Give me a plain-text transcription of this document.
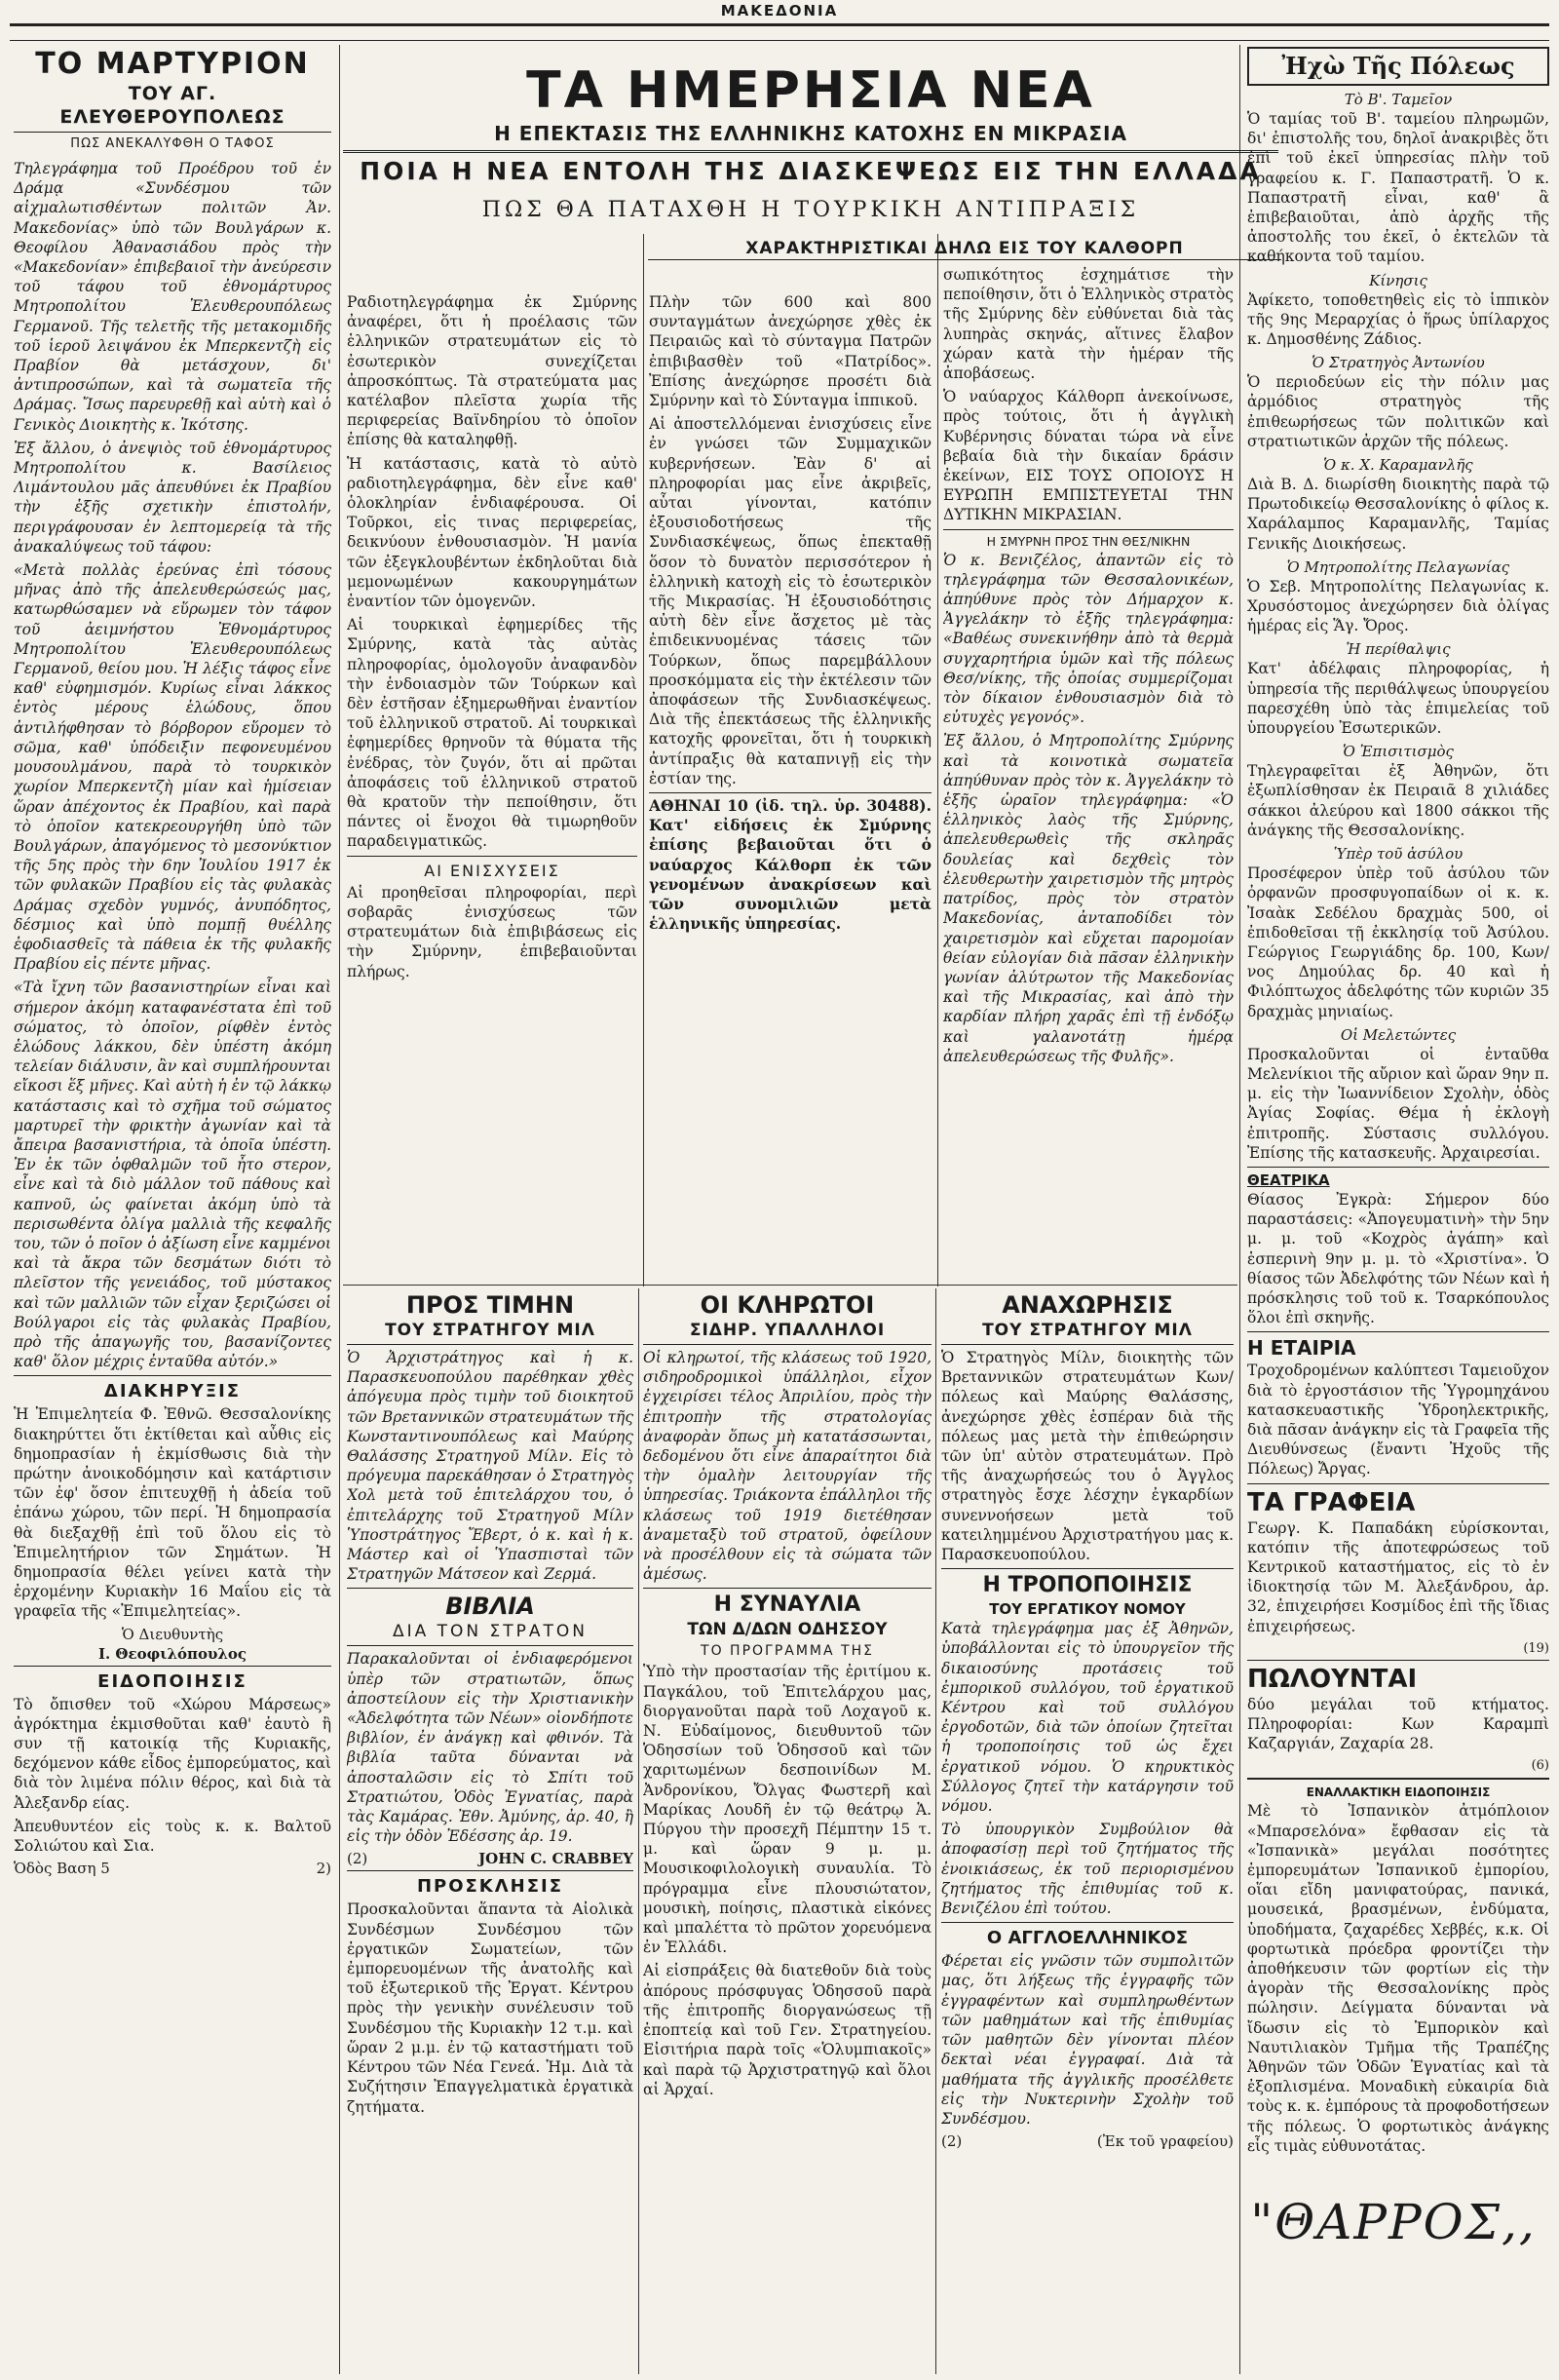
ΜΑΚΕΔΟΝΙΑ
ΤΟ ΜΑΡΤΥΡΙΟΝ
ΤΟΥ ΑΓ. ΕΛΕΥΘΕΡΟΥΠΟΛΕΩΣ
ΠΩΣ ΑΝΕΚΑΛΥΦΘΗ Ο ΤΑΦΟΣ

Τηλεγράφημα τοῦ Προέδρου τοῦ ἐν Δράμᾳ «Συνδέσμου τῶν αἰχμαλωτισθέντων πολιτῶν Ἀν. Μακεδονίας» ὑπὸ τῶν Βουλγάρων κ. Θεοφίλου Ἀθανασιάδου πρὸς τὴν «Μακεδονίαν» ἐπιβεβαιοῖ τὴν ἀνεύρεσιν τοῦ τάφου τοῦ ἐθνομάρτυρος Μητροπολίτου Ἐλευθερουπόλεως Γερμανοῦ. Τῆς τελετῆς τῆς μετακομιδῆς τοῦ ἱεροῦ λειψάνου ἐκ Μπερκεντζὴ εἰς Πραβίον θὰ μετάσχουν, δι' ἀντιπροσώπων, καὶ τὰ σωματεῖα τῆς Δράμας. Ἴσως παρευρεθῇ καὶ αὐτὴ καὶ ὁ Γενικὸς Διοικητὴς κ. Ἰκότσης.

Ἐξ ἄλλου, ὁ ἀνεψιὸς τοῦ ἐθνομάρτυρος Μητροπολίτου κ. Βασίλειος Λιμάντουλου μᾶς ἀπευθύνει ἐκ Πραβίου τὴν ἑξῆς σχετικὴν ἐπιστολήν, περιγράφουσαν ἐν λεπτομερείᾳ τὰ τῆς ἀνακαλύψεως τοῦ τάφου:

«Μετὰ πολλὰς ἐρεύνας ἐπὶ τόσους μῆνας ἀπὸ τῆς ἀπελευθερώσεώς μας, κατωρθώσαμεν νὰ εὕρωμεν τὸν τάφον τοῦ ἀειμνήστου Ἐθνομάρτυρος Μητροπολίτου Ἐλευθερουπόλεως Γερμανοῦ, θείου μου. Ἡ λέξις τάφος εἶνε καθ' εὐφημισμόν. Κυρίως εἶναι λάκκος ἐντὸς μέρους ἑλώδους, ὅπου ἀντιλήφθησαν τὸ βόρβορον εὕρομεν τὸ σῶμα, καθ' ὑπόδειξιν πεφονευμένου μουσουλμάνου, παρὰ τὸ τουρκικὸν χωρίον Μπερκεντζὴ μίαν καὶ ἡμίσειαν ὥραν ἀπέχοντος ἐκ Πραβίου, καὶ παρὰ τὸ ὁποῖον κατεκρεουργήθη ὑπὸ τῶν Βουλγάρων, ἀπαγόμενος τὸ μεσονύκτιον τῆς 5ης πρὸς τὴν 6ην Ἰουλίου 1917 ἐκ τῶν φυλακῶν Πραβίου εἰς τὰς φυλακὰς Δράμας σχεδὸν γυμνός, ἀνυπόδητος, δέσμιος καὶ ὑπὸ πομπῇ θυέλλης ἐφοδιασθεῖς τὰ πάθεια ἐκ τῆς φυλακῆς Πραβίου εἰς πέντε μῆνας.

«Τὰ ἴχνη τῶν βασανιστηρίων εἶναι καὶ σήμερον ἀκόμη καταφανέστατα ἐπὶ τοῦ σώματος, τὸ ὁποῖον, ρίφθὲν ἐντὸς ἑλώδους λάκκου, δὲν ὑπέστη ἀκόμη τελείαν διάλυσιν, ἂν καὶ συμπλήρουνται εἴκοσι ἕξ μῆνες. Καὶ αὐτὴ ἡ ἐν τῷ λάκκῳ κατάστασις καὶ τὸ σχῆμα τοῦ σώματος μαρτυρεῖ τὴν φρικτὴν ἀγωνίαν καὶ τὰ ἄπειρα βασανιστήρια, τὰ ὁποῖα ὑπέστη. Ἐν ἐκ τῶν ὀφθαλμῶν τοῦ ἦτο στερον, εἶνε καὶ τὰ διὸ μάλλον τοῦ πάθους καὶ καπνοῦ, ὡς φαίνεται ἀκόμη ὑπὸ τὰ περισωθέντα ὀλίγα μαλλιὰ τῆς κεφαλῆς του, τῶν ὁ ποῖον ὁ ἀξίωση εἶνε καμμένοι καὶ τὰ ἄκρα τῶν δεσμάτων διότι τὸ πλεῖστον τῆς γενειάδος, τοῦ μύστακος καὶ τῶν μαλλιῶν τῶν εἶχαν ξεριζώσει οἱ Βούλγαροι εἰς τὰς φυλακὰς Πραβίου, πρὸ τῆς ἀπαγωγῆς του, βασανίζοντες καθ' ὅλον μέχρις ἐνταῦθα αὐτόν.»

ΔΙΑΚΗΡΥΞΙΣ

Ἡ Ἐπιμελητεία Φ. Ἐθνῶ. Θεσσαλονίκης διακηρύττει ὅτι ἐκτίθεται καὶ αὖθις εἰς δημοπρασίαν ἡ ἐκμίσθωσις διὰ τὴν πρώτην ἀνοικοδόμησιν καὶ κατάρτισιν τῶν ἐφ' ὅσον ἐπιτευχθῇ ἡ ἀδεία τοῦ ἐπάνω χώρου, τῶν περί. Ἡ δημοπρασία θὰ διεξαχθῇ ἐπὶ τοῦ ὅλου εἰς τὸ Ἐπιμελητήριον τῶν Σημάτων. Ἡ δημοπρασία θέλει γείνει κατὰ τὴν ἐρχομένην Κυριακὴν 16 Μαΐου εἰς τὰ γραφεῖα τῆς «Ἐπιμελητείας».

Ὁ Διευθυντὴς
Ι. Θεοφιλόπουλος
ΕΙΔΟΠΟΙΗΣΙΣ

Τὸ ὄπισθεν τοῦ «Χώρου Μάρσεως» ἀγρόκτημα ἐκμισθοῦται καθ' ἑαυτὸ ἢ συν τῇ κατοικίᾳ τῆς Κυριακῆς, δεχόμενον κάθε εἶδος ἐμπορεύματος, καὶ διὰ τὸν λιμένα πόλιν θέρος, καὶ διὰ τὰ Ἀλεξανδρ είας.

Ἀπευθυντέον εἰς τοὺς κ. κ. Βαλτοῦ Σολιώτου καὶ Σια.

Ὁδὸς Βαση 5	2)
ΤΑ ΗΜΕΡΗΣΙΑ ΝΕΑ
Η ΕΠΕΚΤΑΣΙΣ ΤΗΣ ΕΛΛΗΝΙΚΗΣ ΚΑΤΟΧΗΣ ΕΝ ΜΙΚΡΑΣΙΑ
ΠΟΙΑ Η ΝΕΑ ΕΝΤΟΛΗ ΤΗΣ ΔΙΑΣΚΕΨΕΩΣ ΕΙΣ ΤΗΝ ΕΛΛΑΔΑ
ΠΩΣ ΘΑ ΠΑΤΑΧΘΗ Η ΤΟΥΡΚΙΚΗ ΑΝΤΙΠΡΑΞΙΣ
ΧΑΡΑΚΤΗΡΙΣΤΙΚΑΙ ΔΗΛΩ ΕΙΣ ΤΟΥ ΚΑΛΘΟΡΠ

Ραδιοτηλεγράφημα ἐκ Σμύρνης ἀναφέρει, ὅτι ἡ προέλασις τῶν ἑλληνικῶν στρατευμάτων εἰς τὸ ἐσωτερικὸν συνεχίζεται ἀπροσκόπτως. Τὰ στρατεύματα μας κατέλαβον πλεῖστα χωρία τῆς περιφερείας Βαϊνδηρίου τὸ ὁποῖον ἐπίσης θὰ καταληφθῇ.

Ἡ κατάστασις, κατὰ τὸ αὐτὸ ραδιοτηλεγράφημα, δὲν εἶνε καθ' ὁλοκληρίαν ἐνδιαφέρουσα. Οἱ Τοῦρκοι, εἰς τινας περιφερείας, δεικνύουν ἐνθουσιασμὸν. Ἡ μανία τῶν ἐξεγκλουβέντων ἐκδηλοῦται διὰ μεμονωμένων κακουργημάτων ἐναντίον τῶν ὁμογενῶν.

Αἱ τουρκικαὶ ἐφημερίδες τῆς Σμύρνης, κατὰ τὰς αὐτὰς πληροφορίας, ὁμολογοῦν ἀναφανδὸν τὴν ἐνδοιασμὸν τῶν Τούρκων καὶ δὲν ἐστῆσαν ἐξημερωθῆναι ἐναντίον τοῦ ἑλληνικοῦ στρατοῦ. Αἱ τουρκικαὶ ἐφημερίδες θρηνοῦν τὰ θύματα τῆς ἐνέδρας, τὸν ζυγόν, ὅτι αἱ πρῶται ἀποφάσεις τοῦ ἑλληνικοῦ στρατοῦ θὰ κρατοῦν τὴν πεποίθησιν, ὅτι πάντες οἱ ἔνοχοι θὰ τιμωρηθοῦν παραδειγματικῶς.

ΑΙ ΕΝΙΣΧΥΣΕΙΣ

Αἱ προηθεῖσαι πληροφορίαι, περὶ σοβαρᾶς ἐνισχύσεως τῶν στρατευμάτων διὰ ἐπιβιβάσεως εἰς τὴν Σμύρνην, ἐπιβεβαιοῦνται πλήρως.

Πλὴν τῶν 600 καὶ 800 συνταγμάτων ἀνεχώρησε χθὲς ἐκ Πειραιῶς καὶ τὸ σύνταγμα Πατρῶν ἐπιβιβασθὲν τοῦ «Πατρίδος». Ἐπίσης ἀνεχώρησε προσέτι διὰ Σμύρνην καὶ τὸ Σύνταγμα ἱππικοῦ.

Αἱ ἀποστελλόμεναι ἐνισχύσεις εἶνε ἐν γνώσει τῶν Συμμαχικῶν κυβερνήσεων. Ἐὰν δ' αἱ πληροφορίαι μας εἶνε ἀκριβεῖς, αὗται γίνονται, κατόπιν ἐξουσιοδοτήσεως τῆς Συνδιασκέψεως, ὅπως ἐπεκταθῇ ὅσον τὸ δυνατὸν περισσότερον ἡ ἑλληνικὴ κατοχὴ εἰς τὸ ἐσωτερικὸν τῆς Μικρασίας. Ἡ ἐξουσιοδότησις αὐτὴ δὲν εἶνε ἄσχετος μὲ τὰς ἐπιδεικνυομένας τάσεις τῶν Τούρκων, ὅπως παρεμβάλλουν προσκόμματα εἰς τὴν ἐκτέλεσιν τῶν ἀποφάσεων τῆς Συνδιασκέψεως. Διὰ τῆς ἐπεκτάσεως τῆς ἑλληνικῆς κατοχῆς φρονεῖται, ὅτι ἡ τουρκικὴ ἀντίπραξις θὰ καταπνιγῇ εἰς τὴν ἑστίαν της.

ΑΘΗΝΑΙ 10 (ἰδ. τηλ. ὑρ. 30488). Κατ' εἰδήσεις ἐκ Σμύρνης ἐπίσης βεβαιοῦται ὅτι ὁ ναύαρχος Κάλθορπ ἐκ τῶν γενομένων ἀνακρίσεων καὶ τῶν συνομιλιῶν μετὰ ἑλληνικῆς ὑπηρεσίας.

σωπικότητος ἐσχημάτισε τὴν πεποίθησιν, ὅτι ὁ Ἑλληνικὸς στρατὸς τῆς Σμύρνης δὲν εὐθύνεται διὰ τὰς λυπηρὰς σκηνάς, αἵτινες ἔλαβον χώραν κατὰ τὴν ἡμέραν τῆς ἀποβάσεως.

Ὁ ναύαρχος Κάλθορπ ἀνεκοίνωσε, πρὸς τούτοις, ὅτι ἡ ἀγγλικὴ Κυβέρνησις δύναται τώρα νὰ εἶνε βεβαία διὰ τὴν δικαίαν δράσιν ἐκείνων, ΕΙΣ ΤΟΥΣ ΟΠΟΙΟΥΣ Η ΕΥΡΩΠΗ ΕΜΠΙΣΤΕΥΕΤΑΙ ΤΗΝ ΔΥΤΙΚΗΝ ΜΙΚΡΑΣΙΑΝ.

Η ΣΜΥΡΝΗ ΠΡΟΣ ΤΗΝ ΘΕΣ/ΝΙΚΗΝ

Ὁ κ. Βενιζέλος, ἀπαντῶν εἰς τὸ τηλεγράφημα τῶν Θεσσαλονικέων, ἀπηύθυνε πρὸς τὸν Δήμαρχον κ. Ἀγγελάκην τὸ ἑξῆς τηλεγράφημα: «Βαθέως συνεκινήθην ἀπὸ τὰ θερμὰ συγχαρητήρια ὑμῶν καὶ τῆς πόλεως Θεσ/νίκης, τῆς ὁποίας συμμερίζομαι τὸν δίκαιον ἐνθουσιασμὸν διὰ τὸ εὐτυχὲς γεγονός».

Ἐξ ἄλλου, ὁ Μητροπολίτης Σμύρνης καὶ τὰ κοινοτικὰ σωματεῖα ἀπηύθυναν πρὸς τὸν κ. Ἀγγελάκην τὸ ἑξῆς ὡραῖον τηλεγράφημα: «Ὁ ἑλληνικὸς λαὸς τῆς Σμύρνης, ἀπελευθερωθεὶς τῆς σκληρᾶς δουλείας καὶ δεχθεὶς τὸν ἐλευθερωτὴν χαιρετισμὸν τῆς μητρὸς πατρίδος, πρὸς τὸν στρατὸν Μακεδονίας, ἀνταποδίδει τὸν χαιρετισμὸν καὶ εὔχεται παρομοίαν θείαν εὐλογίαν διὰ πᾶσαν ἑλληνικὴν γωνίαν ἀλύτρωτον τῆς Μακεδονίας καὶ τῆς Μικρασίας, καὶ ἀπὸ τὴν καρδίαν πλήρη χαρᾶς ἐπὶ τῇ ἐνδόξῳ καὶ γαλανοτάτῃ ἡμέρᾳ ἀπελευθερώσεως τῆς Φυλῆς».

ΠΡΟΣ ΤΙΜΗΝ
ΤΟΥ ΣΤΡΑΤΗΓΟΥ ΜΙΛ

Ὁ Ἀρχιστράτηγος καὶ ἡ κ. Παρασκευοπούλου παρέθηκαν χθὲς ἀπόγευμα πρὸς τιμὴν τοῦ διοικητοῦ τῶν Βρεταννικῶν στρατευμάτων τῆς Κωνσταντινουπόλεως καὶ Μαύρης Θαλάσσης Στρατηγοῦ Μίλν. Εἰς τὸ πρόγευμα παρεκάθησαν ὁ Στρατηγὸς Χολ μετὰ τοῦ ἐπιτελάρχου του, ὁ ἐπιτελάρχης τοῦ Στρατηγοῦ Μίλν Ὑποστράτηγος Ἔβερτ, ὁ κ. καὶ ἡ κ. Μάστερ καὶ οἱ Ὑπασπισταὶ τῶν Στρατηγῶν Μάτσεον καὶ Ζερμά.

ΒΙΒΛΙΑ
ΔΙΑ ΤΟΝ ΣΤΡΑΤΟΝ

Παρακαλοῦνται οἱ ἐνδιαφερόμενοι ὑπὲρ τῶν στρατιωτῶν, ὅπως ἀποστείλουν εἰς τὴν Χριστιανικὴν «Ἀδελφότητα τῶν Νέων» οἰονδήποτε βιβλίον, ἐν ἀνάγκῃ καὶ φθινόν. Τὰ βιβλία ταῦτα δύνανται νὰ ἀποσταλῶσιν εἰς τὸ Σπίτι τοῦ Στρατιώτου, Ὁδὸς Ἐγνατίας, παρὰ τὰς Καμάρας. Ἐθν. Ἀμύνης, ἀρ. 40, ἢ εἰς τὴν ὁδὸν Ἐδέσσης ἀρ. 19.

(2)	JOHN C. CRABBEY
ΠΡΟΣΚΛΗΣΙΣ

Προσκαλοῦνται ἅπαντα τὰ Αἰολικὰ Συνδέσμων Συνδέσμου τῶν ἐργατικῶν Σωματείων, τῶν ἐμπορευομένων τῆς ἀνατολῆς καὶ τοῦ ἐξωτερικοῦ τῆς Ἐργατ. Κέντρου πρὸς τὴν γενικὴν συνέλευσιν τοῦ Συνδέσμου τῆς Κυριακὴν 12 τ.μ. καὶ ὥραν 2 μ.μ. ἐν τῷ καταστήματι τοῦ Κέντρου τῶν Νέα Γενεά. Ἡμ. Διὰ τὰ Συζήτησιν Ἐπαγγελματικὰ ἐργατικὰ ζητήματα.

ΟΙ ΚΛΗΡΩΤΟΙ
ΣΙΔΗΡ. ΥΠΑΛΛΗΛΟΙ

Οἱ κληρωτοί, τῆς κλάσεως τοῦ 1920, σιδηροδρομικοὶ ὑπάλληλοι, εἶχον ἐγχειρίσει τέλος Ἀπριλίου, πρὸς τὴν ἐπιτροπὴν τῆς στρατολογίας ἀναφορὰν ὅπως μὴ κατατάσσωνται, δεδομένου ὅτι εἶνε ἀπαραίτητοι διὰ τὴν ὁμαλὴν λειτουργίαν τῆς ὑπηρεσίας. Τριάκοντα ἐπάλληλοι τῆς κλάσεως τοῦ 1919 διετέθησαν ἀναμεταξὺ τοῦ στρατοῦ, ὀφείλουν νὰ προσέλθουν εἰς τὰ σώματα τῶν ἀμέσως.

Η ΣΥΝΑΥΛΙΑ
ΤΩΝ Δ/ΔΩΝ ΟΔΗΣΣΟΥ
ΤΟ ΠΡΟΓΡΑΜΜΑ ΤΗΣ

Ὑπὸ τὴν προστασίαν τῆς ἐριτίμου κ. Παγκάλου, τοῦ Ἐπιτελάρχου μας, διοργανοῦται παρὰ τοῦ Λοχαγοῦ κ. Ν. Εὐδαίμονος, διευθυντοῦ τῶν Ὁδησσίων τοῦ Ὁδησσοῦ καὶ τῶν χαριτωμένων δεσποινίδων Μ. Ἀνδρονίκου, Ὄλγας Φωστερῆ καὶ Μαρίκας Λουδῆ ἐν τῷ θεάτρῳ Ἁ. Πύργου τὴν προσεχῆ Πέμπτην 15 τ. μ. καὶ ὥραν 9 μ. μ. Μουσικοφιλολογικὴ συναυλία. Τὸ πρόγραμμα εἶνε πλουσιώτατον, μουσικὴ, ποίησις, πλαστικὰ εἰκόνες καὶ μπαλέττα τὸ πρῶτον χορευόμενα ἐν Ἑλλάδι.

Αἱ εἰσπράξεις θὰ διατεθοῦν διὰ τοὺς ἀπόρους πρόσφυγας Ὁδησσοῦ παρὰ τῆς ἐπιτροπῆς διοργανώσεως τῇ ἐποπτείᾳ καὶ τοῦ Γεν. Στρατηγείου. Εἰσιτήρια παρὰ τοῖς «Ὁλυμπιακοῖς» καὶ παρὰ τῷ Ἀρχιστρατηγῷ καὶ ὅλοι αἱ Ἀρχαί.

ΑΝΑΧΩΡΗΣΙΣ
ΤΟΥ ΣΤΡΑΤΗΓΟΥ ΜΙΛ

Ὁ Στρατηγὸς Μίλν, διοικητὴς τῶν Βρεταννικῶν στρατευμάτων Κων/πόλεως καὶ Μαύρης Θαλάσσης, ἀνεχώρησε χθὲς ἑσπέραν διὰ τῆς πόλεως μας μετὰ τὴν ἐπιθεώρησιν τῶν ὑπ' αὐτὸν στρατευμάτων. Πρὸ τῆς ἀναχωρήσεώς του ὁ Ἀγγλος στρατηγὸς ἔσχε λέσχην ἐγκαρδίων συνεννοήσεων μετὰ τοῦ κατειλημμένου Ἀρχιστρατήγου μας κ. Παρασκευοπούλου.

Η ΤΡΟΠΟΠΟΙΗΣΙΣ
ΤΟΥ ΕΡΓΑΤΙΚΟΥ ΝΟΜΟΥ

Κατὰ τηλεγράφημα μας ἐξ Ἀθηνῶν, ὑποβάλλονται εἰς τὸ ὑπουργεῖον τῆς δικαιοσύνης προτάσεις τοῦ ἐμπορικοῦ συλλόγου, τοῦ ἐργατικοῦ Κέντρου καὶ τοῦ συλλόγου ἐργοδοτῶν, διὰ τῶν ὁποίων ζητεῖται ἡ τροποποίησις τοῦ ὡς ἔχει ἐργατικοῦ νόμου. Ὁ κηρυκτικὸς Σύλλογος ζητεῖ τὴν κατάργησιν τοῦ νόμου.

Τὸ ὑπουργικὸν Συμβούλιον θὰ ἀποφασίσῃ περὶ τοῦ ζητήματος τῆς ἐνοικιάσεως, ἐκ τοῦ περιορισμένου ζητήματος τῆς ἐπιθυμίας τοῦ κ. Βενιζέλου ἐπὶ τούτου.

Ο ΑΓΓΛΟΕΛΛΗΝΙΚΟΣ

Φέρεται εἰς γνῶσιν τῶν συμπολιτῶν μας, ὅτι λήξεως τῆς ἐγγραφῆς τῶν ἐγγραφέντων καὶ συμπληρωθέντων τῶν μαθημάτων καὶ τῆς ἐπιθυμίας τῶν μαθητῶν δὲν γίνονται πλέον δεκταὶ νέαι ἐγγραφαί. Διὰ τὰ μαθήματα τῆς ἀγγλικῆς προσέλθετε εἰς τὴν Νυκτερινὴν Σχολὴν τοῦ Συνδέσμου.

(2)	(Ἐκ τοῦ γραφείου)
Ἠχὼ Τῆς Πόλεως
Τὸ Β'. Ταμεῖον

Ὁ ταμίας τοῦ Β'. ταμείου πληρωμῶν, δι' ἐπιστολῆς του, δηλοῖ ἀνακριβὲς ὅτι ἐπὶ τοῦ ἐκεῖ ὑπηρεσίας πλὴν τοῦ γραφείου κ. Γ. Παπαστρατῆ. Ὁ κ. Παπαστρατῆ εἶναι, καθ' ἃ ἐπιβεβαιοῦται, ἀπὸ ἀρχῆς τῆς ἀποστολῆς του ἐκεῖ, ὁ ἐκτελῶν τὰ καθήκοντα τοῦ ταμίου.

Κίνησις

Ἀφίκετο, τοποθετηθεὶς εἰς τὸ ἱππικὸν τῆς 9ης Μεραρχίας ὁ ἥρως ὑπίλαρχος κ. Δημοσθένης Ζάδιος.

Ὁ Στρατηγὸς Ἀντωνίου

Ὁ περιοδεύων εἰς τὴν πόλιν μας ἀρμόδιος στρατηγὸς τῆς ἐπιθεωρήσεως τῶν πολιτικῶν καὶ στρατιωτικῶν ἀρχῶν τῆς πόλεως.

Ὁ κ. Χ. Καραμανλῆς

Διὰ Β. Δ. διωρίσθη διοικητὴς παρὰ τῷ Πρωτοδικείῳ Θεσσαλονίκης ὁ φίλος κ. Χαράλαμπος Καραμανλῆς, Ταμίας Γενικῆς Διοικήσεως.

Ὁ Μητροπολίτης Πελαγωνίας

Ὁ Σεβ. Μητροπολίτης Πελαγωνίας κ. Χρυσόστομος ἀνεχώρησεν διὰ ὀλίγας ἡμέρας εἰς Ἅγ. Ὄρος.

Ἡ περίθαλψις

Κατ' ἀδέλφαις πληροφορίας, ἡ ὑπηρεσία τῆς περιθάλψεως ὑπουργείου παρεσχέθη ὑπὸ τὰς ἐπιμελείας τοῦ ὑπουργείου Ἐσωτερικῶν.

Ὁ Ἐπισιτισμὸς

Τηλεγραφεῖται ἐξ Ἀθηνῶν, ὅτι ἐξωπλίσθησαν ἐκ Πειραιᾶ 8 χιλιάδες σάκκοι ἀλεύρου καὶ 1800 σάκκοι τῆς ἀνάγκης τῆς Θεσσαλονίκης.

Ὑπὲρ τοῦ ἀσύλου

Προσέφερον ὑπὲρ τοῦ ἀσύλου τῶν ὀρφανῶν προσφυγοπαίδων οἱ κ. κ. Ἰσαὰκ Σεδέλου δραχμὰς 500, οἱ ἐπιδοθεῖσαι τῇ ἐκκλησίᾳ τοῦ Ἀσύλου. Γεώργιος Γεωργιάδης δρ. 100, Κων/νος Δημούλας δρ. 40 καὶ ἡ Φιλόπτωχος ἀδελφότης τῶν κυριῶν 35 δραχμὰς μηνιαίως.

Οἱ Μελετώντες

Προσκαλοῦνται οἱ ἐνταῦθα Μελενίκιοι τῆς αὔριον καὶ ὥραν 9ην π. μ. εἰς τὴν Ἰωαννίδειον Σχολὴν, ὁδὸς Ἀγίας Σοφίας. Θέμα ἡ ἐκλογὴ ἐπιτροπῆς. Σύστασις συλλόγου. Ἐπίσης τῆς κατασκευῆς. Ἀρχαιρεσίαι.

ΘΕΑΤΡΙΚΑ

Θίασος Ἐγκρὰ: Σήμερον δύο παραστάσεις: «Ἀπογευματινὴ» τὴν 5ην μ. μ. τοῦ «Κοχρὸς ἀγάπη» καὶ ἑσπερινὴ 9ην μ. μ. τὸ «Χριστίνα». Ὁ θίασος τῶν Ἀδελφότης τῶν Νέων καὶ ἡ πρόσκλησις τοῦ τοῦ κ. Τσαρκόπουλος ὅλοι ἐπὶ σκηνῆς.

Η ΕΤΑΙΡΙΑ

Τροχοδρομένων καλύπτεσι Ταμειοῦχον διὰ τὸ ἐργοστάσιον τῆς Ὑγρομηχάνου κατασκευαστικῆς Ὑδροηλεκτρικῆς, διὰ πᾶσαν ἀνάγκην εἰς τὰ Γραφεῖα τῆς Διευθύνσεως (ἔναντι Ἠχοῦς τῆς Πόλεως) Ἄργας.

ΤΑ ΓΡΑΦΕΙΑ

Γεωργ. Κ. Παπαδάκη εὑρίσκονται, κατόπιν τῆς ἀποτεφρώσεως τοῦ Κεντρικοῦ καταστήματος, εἰς τὸ ἐν ἰδιοκτησίᾳ τῶν Μ. Ἀλεξάνδρου, ἀρ. 32, ἐπιχειρήσει Κοσμίδος ἐπὶ τῆς ἴδιας ἐπιχειρήσεως.

(19)
ΠΩΛΟΥΝΤΑΙ

δύο μεγάλαι τοῦ κτήματος. Πληροφορίαι: Κων Καραμπὶ Καζαργιάν, Ζαχαρία 28.

(6)
ΕΝΑΛΛΑΚΤΙΚΗ ΕΙΔΟΠΟΙΗΣΙΣ

Μὲ τὸ Ἰσπανικὸν ἀτμόπλοιον «Μπαρσελόνα» ἔφθασαν εἰς τὰ «Ἰσπανικὰ» μεγάλαι ποσότητες ἐμπορευμάτων Ἰσπανικοῦ ἐμπορίου, οἵαι εἴδη μανιφατούρας, πανικά, μουσεικά, βρασμένων, ἐνδύματα, ὑποδήματα, ζαχαρέδες Χεββές, κ.κ. Οἱ φορτωτικὰ πρόεδρα φροντίζει τὴν ἀποθήκευσιν τῶν φορτίων εἰς τὴν ἀγορὰν τῆς Θεσσαλονίκης πρὸς πώλησιν. Δείγματα δύνανται νὰ ἴδωσιν εἰς τὸ Ἐμπορικὸν καὶ Ναυτιλιακὸν Τμῆμα τῆς Τραπέζης Ἀθηνῶν τῶν Ὁδῶν Ἐγνατίας καὶ τὰ ἐξοπλισμένα. Μοναδικὴ εὐκαιρία διὰ τοὺς κ. κ. ἐμπόρους τὰ προφοδοτήσεων τῆς πόλεως. Ὁ φορτωτικὸς ἀνάγκης εἶς τιμὰς εὐθυνοτάτας.

"ΘΑΡΡΟΣ,,
